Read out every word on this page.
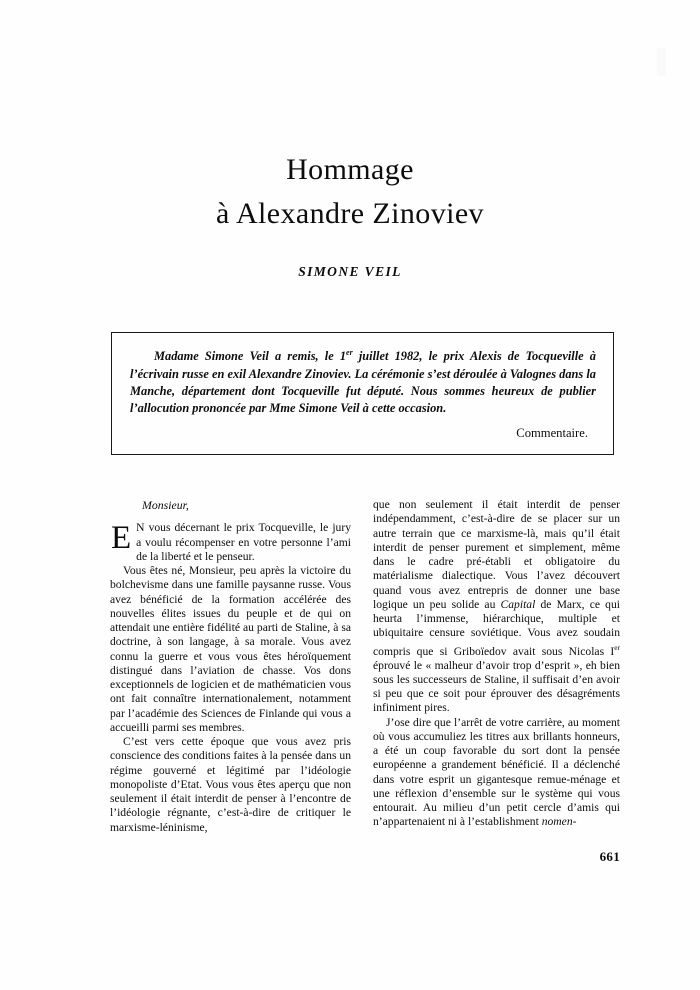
Hommage
à Alexandre Zinoviev
SIMONE VEIL
Madame Simone Veil a remis, le 1er juillet 1982, le prix Alexis de Tocqueville à l’écrivain russe en exil Alexandre Zinoviev. La cérémonie s’est déroulée à Valognes dans la Manche, département dont Tocqueville fut député. Nous sommes heureux de publier l’allocution prononcée par Mme Simone Veil à cette occasion.
Commentaire.
Monsieur,

E N vous décernant le prix Tocqueville, le jury a voulu récompenser en votre personne l’ami de la liberté et le penseur.

Vous êtes né, Monsieur, peu après la victoire du bolchevisme dans une famille paysanne russe. Vous avez bénéficié de la formation accélérée des nouvelles élites issues du peuple et de qui on attendait une entière fidélité au parti de Staline, à sa doctrine, à son langage, à sa morale. Vous avez connu la guerre et vous vous êtes héroïquement distingué dans l’aviation de chasse. Vos dons exceptionnels de logicien et de mathématicien vous ont fait connaître internationalement, notamment par l’académie des Sciences de Finlande qui vous a accueilli parmi ses membres.

C’est vers cette époque que vous avez pris conscience des conditions faites à la pensée dans un régime gouverné et légitimé par l’idéologie monopoliste d’Etat. Vous vous êtes aperçu que non seulement il était interdit de penser à l’encontre de l’idéologie régnante, c’est-à-dire de critiquer le marxisme-léninisme,

que non seulement il était interdit de penser indépendamment, c’est-à-dire de se placer sur un autre terrain que ce marxisme-là, mais qu’il était interdit de penser purement et simplement, même dans le cadre pré-établi et obligatoire du matérialisme dialectique. Vous l’avez découvert quand vous avez entrepris de donner une base logique un peu solide au Capital de Marx, ce qui heurta l’immense, hiérarchique, multiple et ubiquitaire censure soviétique. Vous avez soudain compris que si Griboïedov avait sous Nicolas Ier éprouvé le « malheur d’avoir trop d’esprit », eh bien sous les successeurs de Staline, il suffisait d’en avoir si peu que ce soit pour éprouver des désagréments infiniment pires.

J’ose dire que l’arrêt de votre carrière, au moment où vous accumuliez les titres aux brillants honneurs, a été un coup favorable du sort dont la pensée européenne a grandement bénéficié. Il a déclenché dans votre esprit un gigantesque remue-ménage et une réflexion d’ensemble sur le système qui vous entourait. Au milieu d’un petit cercle d’amis qui n’appartenaient ni à l’establishment nomen-

661
